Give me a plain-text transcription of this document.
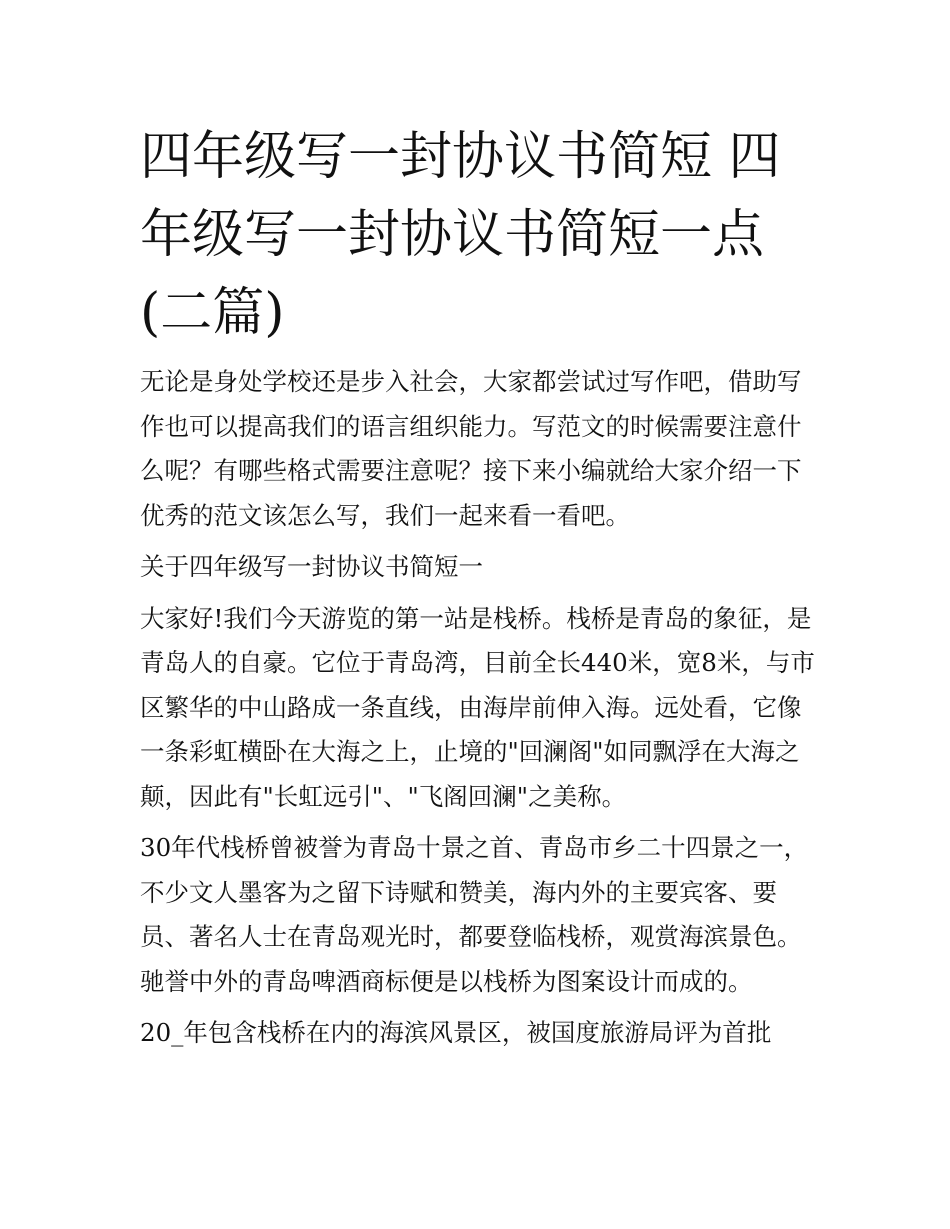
四年级写一封协议书简短 四年级写一封协议书简短一点(二篇)

无论是身处学校还是步入社会，大家都尝试过写作吧，借助写作也可以提高我们的语言组织能力。写范文的时候需要注意什么呢？有哪些格式需要注意呢？接下来小编就给大家介绍一下优秀的范文该怎么写，我们一起来看一看吧。

关于四年级写一封协议书简短一

大家好!我们今天游览的第一站是栈桥。栈桥是青岛的象征，是青岛人的自豪。它位于青岛湾，目前全长440米，宽8米，与市区繁华的中山路成一条直线，由海岸前伸入海。远处看，它像一条彩虹横卧在大海之上，止境的"回澜阁"如同飘浮在大海之颠，因此有"长虹远引"、"飞阁回澜"之美称。

30年代栈桥曾被誉为青岛十景之首、青岛市乡二十四景之一，不少文人墨客为之留下诗赋和赞美，海内外的主要宾客、要员、著名人士在青岛观光时，都要登临栈桥，观赏海滨景色。驰誉中外的青岛啤酒商标便是以栈桥为图案设计而成的。

20_年包含栈桥在内的海滨风景区，被国度旅游局评为首批
